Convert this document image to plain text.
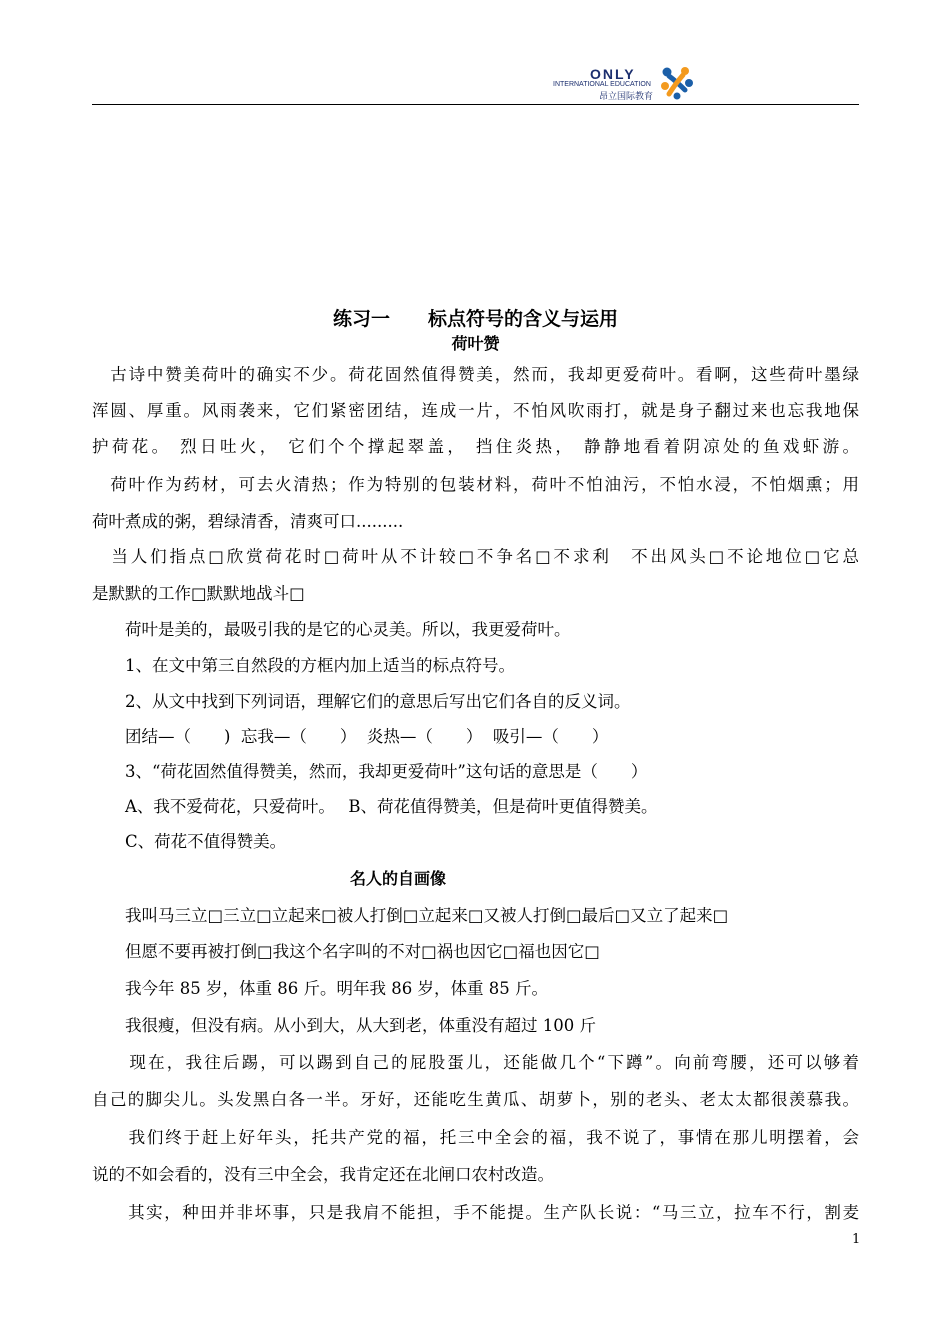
ONLY
INTERNATIONAL EDUCATION
昂立国际教育
练习一　　标点符号的含义与运用
荷叶赞
　古诗中赞美荷叶的确实不少。荷花固然值得赞美，然而，我却更爱荷叶。看啊，这些荷叶墨绿
浑圆、厚重。风雨袭来，它们紧密团结，连成一片，不怕风吹雨打，就是身子翻过来也忘我地保
护荷花。 烈日吐火， 它们个个撑起翠盖， 挡住炎热， 静静地看着阴凉处的鱼戏虾游。
　荷叶作为药材，可去火清热；作为特别的包装材料，荷叶不怕油污，不怕水浸，不怕烟熏；用
荷叶煮成的粥，碧绿清香，清爽可口.........
　当人们指点□欣赏荷花时□荷叶从不计较□不争名□不求利　不出风头□不论地位□它总
是默默的工作□默默地战斗□
　　荷叶是美的，最吸引我的是它的心灵美。所以，我更爱荷叶。
　　1、在文中第三自然段的方框内加上适当的标点符号。
　　2、从文中找到下列词语，理解它们的意思后写出它们各自的反义词。
　　团结—（　　)  忘我—（　　）  炎热—（　　）  吸引—（　　）
　　3、“荷花固然值得赞美，然而，我却更爱荷叶”这句话的意思是（　　）
　　A、我不爱荷花，只爱荷叶。　 B、荷花值得赞美，但是荷叶更值得赞美。
　　C、荷花不值得赞美。
名人的自画像
　　我叫马三立□三立□立起来□被人打倒□立起来□又被人打倒□最后□又立了起来□
　　但愿不要再被打倒□我这个名字叫的不对□祸也因它□福也因它□
　　我今年 85 岁，体重 86 斤。明年我 86 岁，体重 85 斤。
　　我很瘦，但没有病。从小到大，从大到老，体重没有超过 100 斤
　　现在，我往后踢，可以踢到自己的屁股蛋儿，还能做几个“下蹲”。向前弯腰，还可以够着
自己的脚尖儿。头发黑白各一半。牙好，还能吃生黄瓜、胡萝卜，别的老头、老太太都很羡慕我。
　　我们终于赶上好年头，托共产党的福，托三中全会的福，我不说了，事情在那儿明摆着，会
说的不如会看的，没有三中全会，我肯定还在北闸口农村改造。
　　其实，种田并非坏事，只是我肩不能担，手不能提。生产队长说：“马三立，拉车不行，割麦
1
